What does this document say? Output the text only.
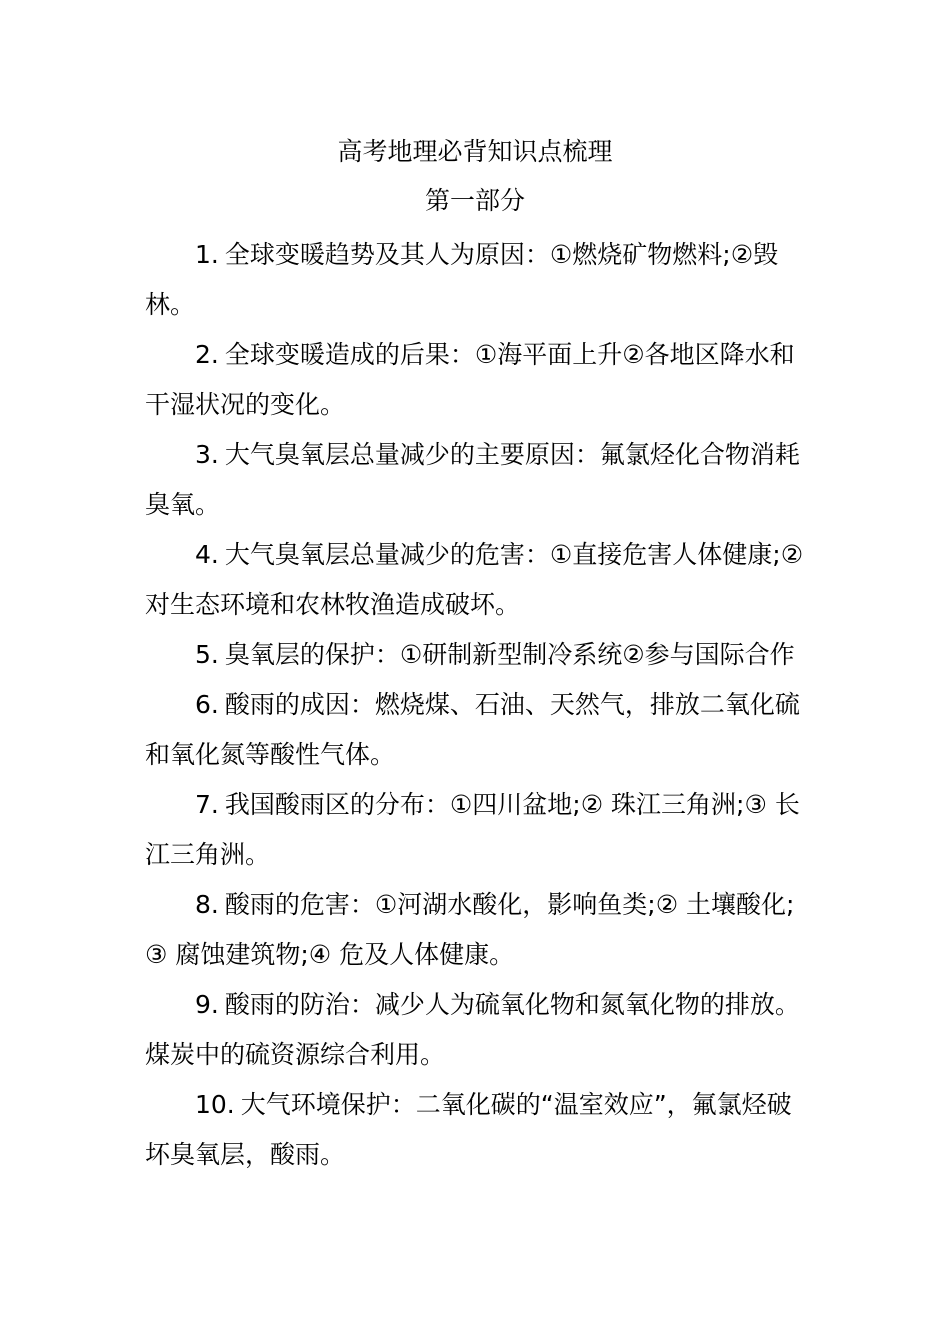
高考地理必背知识点梳理
第一部分

1. 全球变暖趋势及其人为原因：①燃烧矿物燃料;②毁林。

2. 全球变暖造成的后果：①海平面上升②各地区降水和干湿状况的变化。

3. 大气臭氧层总量减少的主要原因：氟氯烃化合物消耗臭氧。

4. 大气臭氧层总量减少的危害：①直接危害人体健康;② 对生态环境和农林牧渔造成破坏。

5. 臭氧层的保护：①研制新型制冷系统②参与国际合作

6. 酸雨的成因：燃烧煤、石油、天然气，排放二氧化硫和氧化氮等酸性气体。

7. 我国酸雨区的分布：①四川盆地;② 珠江三角洲;③ 长江三角洲。

8. 酸雨的危害：①河湖水酸化，影响鱼类;② 土壤酸化;③ 腐蚀建筑物;④ 危及人体健康。

9. 酸雨的防治：减少人为硫氧化物和氮氧化物的排放。煤炭中的硫资源综合利用。

10. 大气环境保护：二氧化碳的“温室效应”，氟氯烃破坏臭氧层，酸雨。
